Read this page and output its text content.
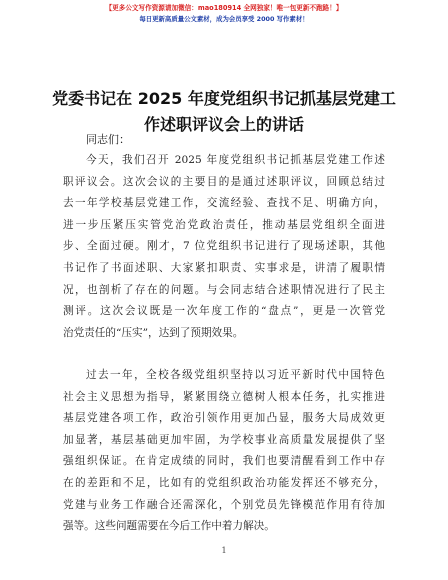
【更多公文写作资源请加微信：mao180914 全网独家！唯一包更新不跑路！】
每日更新高质量公文素材，成为会员享受 2000 写作素材！
党委书记在 2025 年度党组织书记抓基层党建工
作述职评议会上的讲话
同志们：
今天，我们召开 2025 年度党组织书记抓基层党建工作述
职评议会。这次会议的主要目的是通过述职评议，回顾总结过
去一年学校基层党建工作，交流经验、查找不足、明确方向，
进一步压紧压实管党治党政治责任，推动基层党组织全面进
步、全面过硬。刚才，7 位党组织书记进行了现场述职，其他
书记作了书面述职、大家紧扣职责、实事求是，讲清了履职情
况，也剖析了存在的问题。与会同志结合述职情况进行了民主
测评。这次会议既是一次年度工作的“盘点”，更是一次管党
治党责任的“压实”，达到了预期效果。
过去一年，全校各级党组织坚持以习近平新时代中国特色
社会主义思想为指导，紧紧围绕立德树人根本任务，扎实推进
基层党建各项工作，政治引领作用更加凸显，服务大局成效更
加显著，基层基础更加牢固，为学校事业高质量发展提供了坚
强组织保证。在肯定成绩的同时，我们也要清醒看到工作中存
在的差距和不足，比如有的党组织政治功能发挥还不够充分，
党建与业务工作融合还需深化，个别党员先锋模范作用有待加
强等。这些问题需要在今后工作中着力解决。
1
